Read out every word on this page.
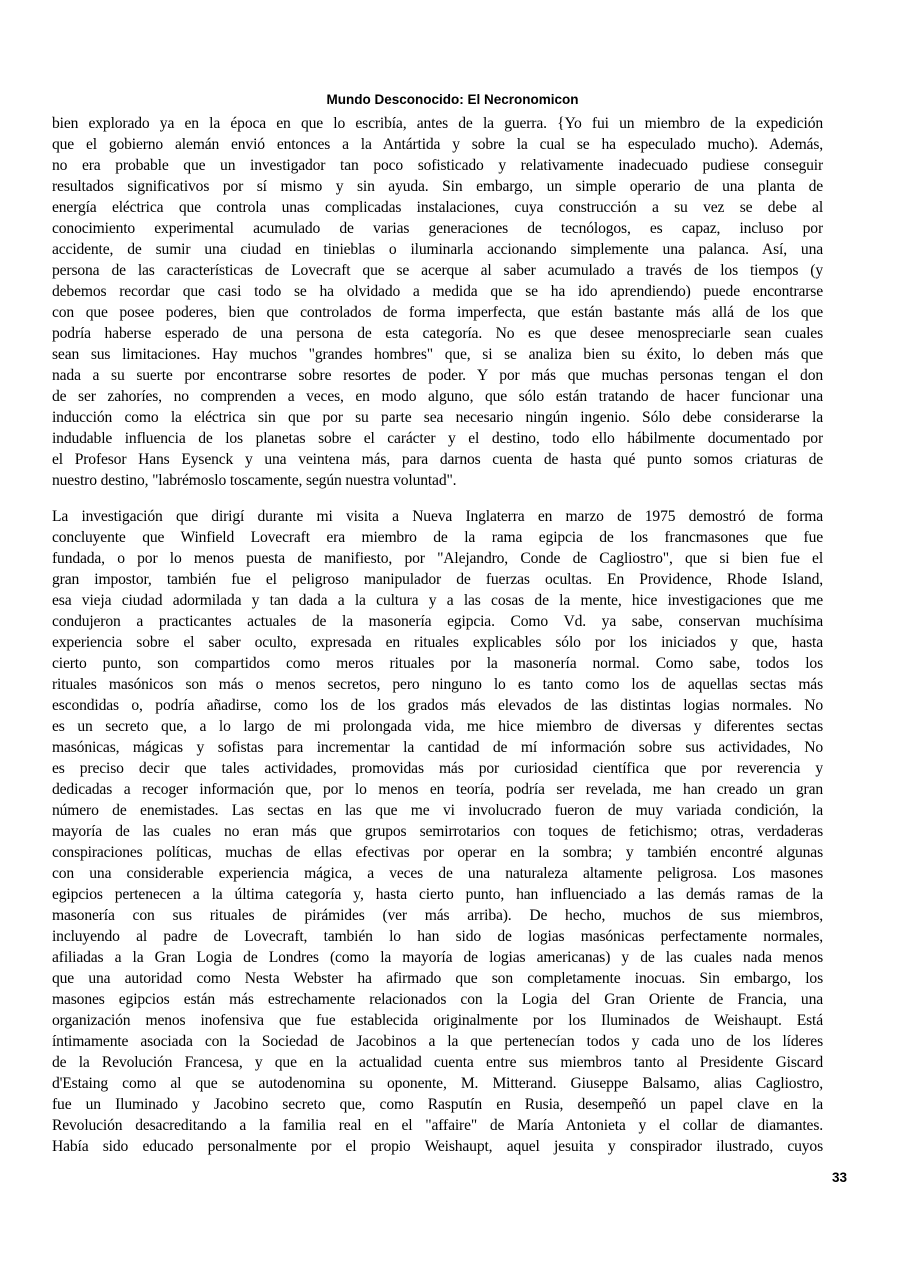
Mundo Desconocido: El Necronomicon
bien explorado ya en la época en que lo escribía, antes de la guerra. {Yo fui un miembro de la expedición
que el gobierno alemán envió entonces a la Antártida y sobre la cual se ha especulado mucho). Además,
no era probable que un investigador tan poco sofisticado y relativamente inadecuado pudiese conseguir
resultados significativos por sí mismo y sin ayuda. Sin embargo, un simple operario de una planta de
energía eléctrica que controla unas complicadas instalaciones, cuya construcción a su vez se debe al
conocimiento experimental acumulado de varias generaciones de tecnólogos, es capaz, incluso por
accidente, de sumir una ciudad en tinieblas o iluminarla accionando simplemente una palanca. Así, una
persona de las características de Lovecraft que se acerque al saber acumulado a través de los tiempos (y
debemos recordar que casi todo se ha olvidado a medida que se ha ido aprendiendo) puede encontrarse
con que posee poderes, bien que controlados de forma imperfecta, que están bastante más allá de los que
podría haberse esperado de una persona de esta categoría. No es que desee menospreciarle sean cuales
sean sus limitaciones. Hay muchos "grandes hombres" que, si se analiza bien su éxito, lo deben más que
nada a su suerte por encontrarse sobre resortes de poder. Y por más que muchas personas tengan el don
de ser zahoríes, no comprenden a veces, en modo alguno, que sólo están tratando de hacer funcionar una
inducción como la eléctrica sin que por su parte sea necesario ningún ingenio. Sólo debe considerarse la
indudable influencia de los planetas sobre el carácter y el destino, todo ello hábilmente documentado por
el Profesor Hans Eysenck y una veintena más, para darnos cuenta de hasta qué punto somos criaturas de
nuestro destino, "labrémoslo toscamente, según nuestra voluntad".
La investigación que dirigí durante mi visita a Nueva Inglaterra en marzo de 1975 demostró de forma
concluyente que Winfield Lovecraft era miembro de la rama egipcia de los francmasones que fue
fundada, o por lo menos puesta de manifiesto, por "Alejandro, Conde de Cagliostro", que si bien fue el
gran impostor, también fue el peligroso manipulador de fuerzas ocultas. En Providence, Rhode Island,
esa vieja ciudad adormilada y tan dada a la cultura y a las cosas de la mente, hice investigaciones que me
condujeron a practicantes actuales de la masonería egipcia. Como Vd. ya sabe, conservan muchísima
experiencia sobre el saber oculto, expresada en rituales explicables sólo por los iniciados y que, hasta
cierto punto, son compartidos como meros rituales por la masonería normal. Como sabe, todos los
rituales masónicos son más o menos secretos, pero ninguno lo es tanto como los de aquellas sectas más
escondidas o, podría añadirse, como los de los grados más elevados de las distintas logias normales. No
es un secreto que, a lo largo de mi prolongada vida, me hice miembro de diversas y diferentes sectas
masónicas, mágicas y sofistas para incrementar la cantidad de mí información sobre sus actividades, No
es preciso decir que tales actividades, promovidas más por curiosidad científica que por reverencia y
dedicadas a recoger información que, por lo menos en teoría, podría ser revelada, me han creado un gran
número de enemistades. Las sectas en las que me vi involucrado fueron de muy variada condición, la
mayoría de las cuales no eran más que grupos semirrotarios con toques de fetichismo; otras, verdaderas
conspiraciones políticas, muchas de ellas efectivas por operar en la sombra; y también encontré algunas
con una considerable experiencia mágica, a veces de una naturaleza altamente peligrosa. Los masones
egipcios pertenecen a la última categoría y, hasta cierto punto, han influenciado a las demás ramas de la
masonería con sus rituales de pirámides (ver más arriba). De hecho, muchos de sus miembros,
incluyendo al padre de Lovecraft, también lo han sido de logias masónicas perfectamente normales,
afiliadas a la Gran Logia de Londres (como la mayoría de logias americanas) y de las cuales nada menos
que una autoridad como Nesta Webster ha afirmado que son completamente inocuas. Sin embargo, los
masones egipcios están más estrechamente relacionados con la Logia del Gran Oriente de Francia, una
organización menos inofensiva que fue establecida originalmente por los Iluminados de Weishaupt. Está
íntimamente asociada con la Sociedad de Jacobinos a la que pertenecían todos y cada uno de los líderes
de la Revolución Francesa, y que en la actualidad cuenta entre sus miembros tanto al Presidente Giscard
d'Estaing como al que se autodenomina su oponente, M. Mitterand. Giuseppe Balsamo, alias Cagliostro,
fue un Iluminado y Jacobino secreto que, como Rasputín en Rusia, desempeñó un papel clave en la
Revolución desacreditando a la familia real en el "affaire" de María Antonieta y el collar de diamantes.
Había sido educado personalmente por el propio Weishaupt, aquel jesuita y conspirador ilustrado, cuyos
33
